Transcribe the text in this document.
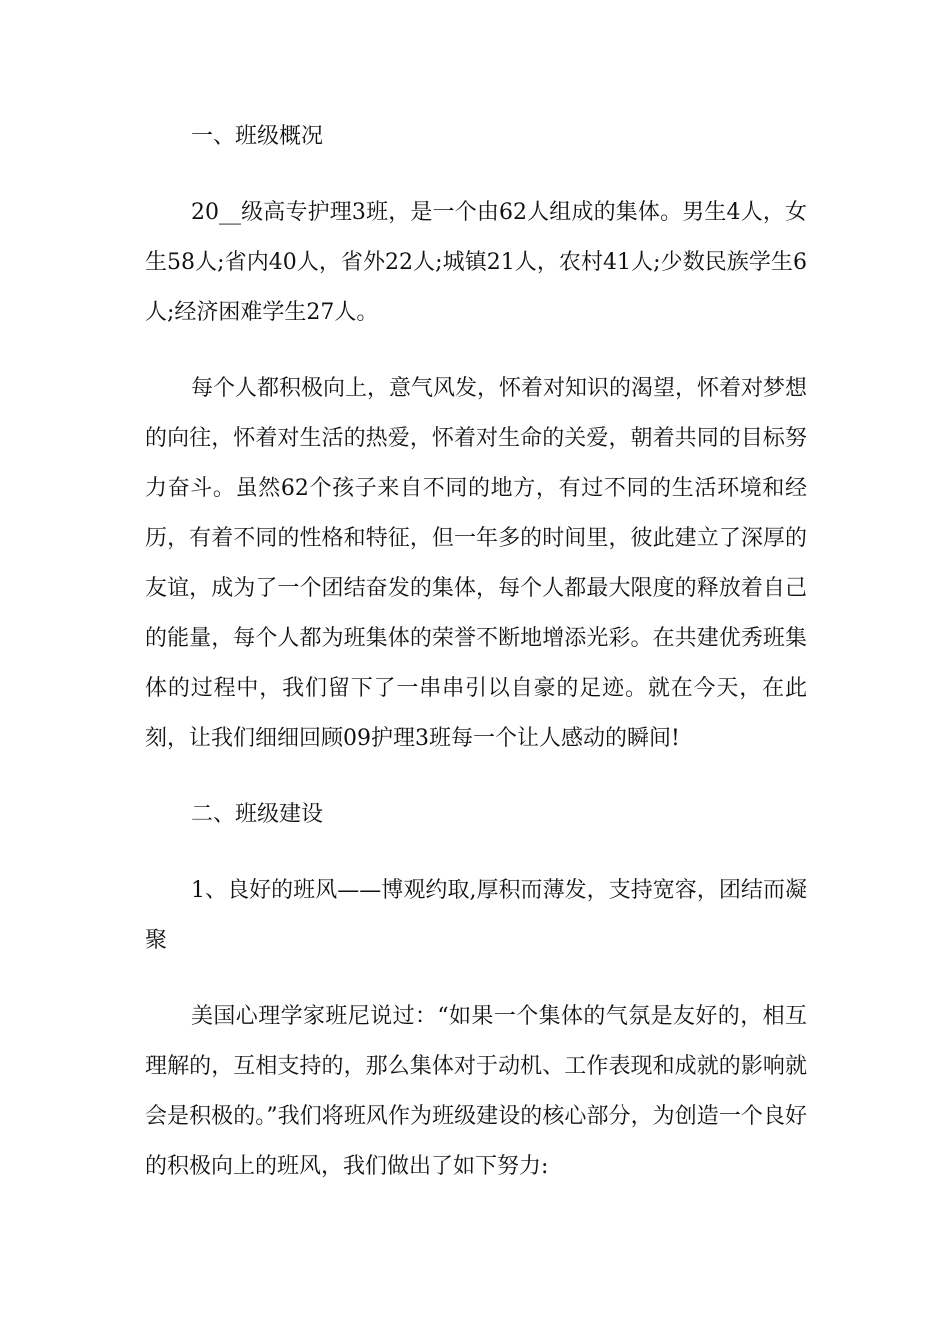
一、班级概况

20__级高专护理3班，是一个由62人组成的集体。男生4人，女生58人;省内40人，省外22人;城镇21人，农村41人;少数民族学生6人;经济困难学生27人。

每个人都积极向上，意气风发，怀着对知识的渴望，怀着对梦想的向往，怀着对生活的热爱，怀着对生命的关爱，朝着共同的目标努力奋斗。虽然62个孩子来自不同的地方，有过不同的生活环境和经历，有着不同的性格和特征，但一年多的时间里，彼此建立了深厚的友谊，成为了一个团结奋发的集体，每个人都最大限度的释放着自己的能量，每个人都为班集体的荣誉不断地增添光彩。在共建优秀班集体的过程中，我们留下了一串串引以自豪的足迹。就在今天，在此刻，让我们细细回顾09护理3班每一个让人感动的瞬间!

二、班级建设

1、良好的班风——博观约取,厚积而薄发，支持宽容，团结而凝聚

美国心理学家班尼说过：“如果一个集体的气氛是友好的，相互理解的，互相支持的，那么集体对于动机、工作表现和成就的影响就会是积极的。”我们将班风作为班级建设的核心部分，为创造一个良好的积极向上的班风，我们做出了如下努力:
